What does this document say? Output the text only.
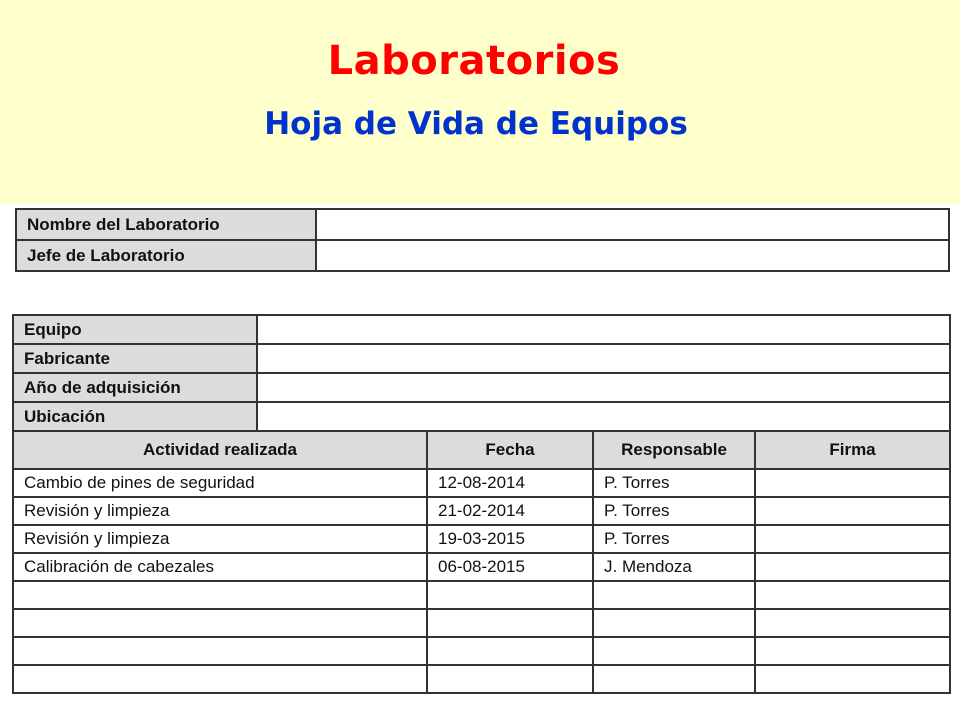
Laboratorios
Hoja de Vida de Equipos
Nombre del Laboratorio	
Jefe de Laboratorio	
Equipo				
Fabricante				
Año de adquisición				
Ubicación				
Actividad realizada		Fecha	Responsable	Firma
Cambio de pines de seguridad		12-08-2014	P. Torres	
Revisión y limpieza		21-02-2014	P. Torres	
Revisión y limpieza		19-03-2015	P. Torres	
Calibración de cabezales		06-08-2015	J. Mendoza	
